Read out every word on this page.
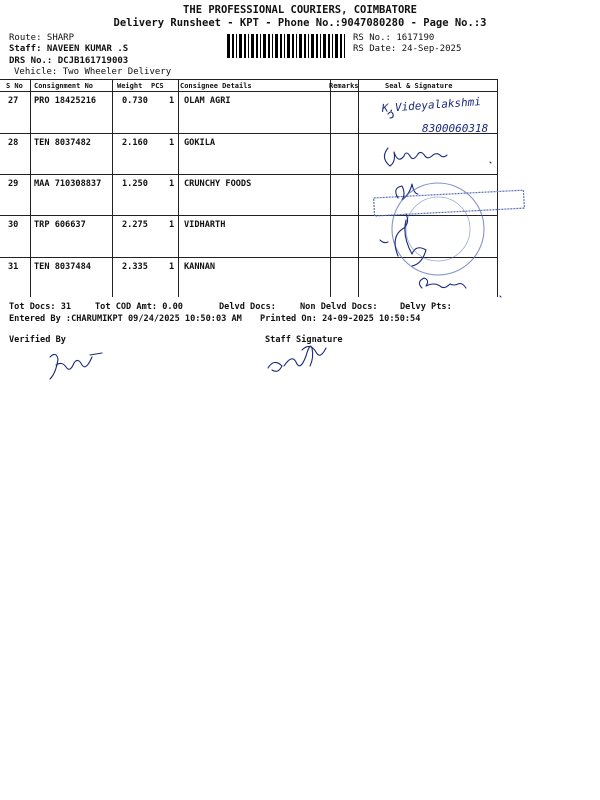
THE PROFESSIONAL COURIERS, COIMBATORE
Delivery Runsheet - KPT - Phone No.:9047080280 - Page No.:3
Route: SHARP
Staff: NAVEEN KUMAR .S
DRS No.: DCJB161719003
Vehicle: Two Wheeler Delivery
RS No.: 1617190
RS Date: 24-Sep-2025
S No Consignment No	Weight PCS Consignee Details	Remarks	Seal & Signature
27 PRO 18425216	0.730 1 OLAM AGRI
28 TEN 8037482	2.160 1 GOKILA
29 MAA 710308837 1.250 1 CRUNCHY FOODS
30 TRP 606637	2.275 1 VIDHARTH
31 TEN 8037484	2.335 1 KANNAN
K.Videyalakshmi
8300060318
Tot Docs: 31	Tot COD Amt: 0.00	Delvd Docs:	Non Delvd Docs:	Delvy Pts:
Entered By :CHARUMIKPT 09/24/2025 10:50:03 AM Printed On: 24-09-2025 10:50:54
Verified By	Staff Signature
